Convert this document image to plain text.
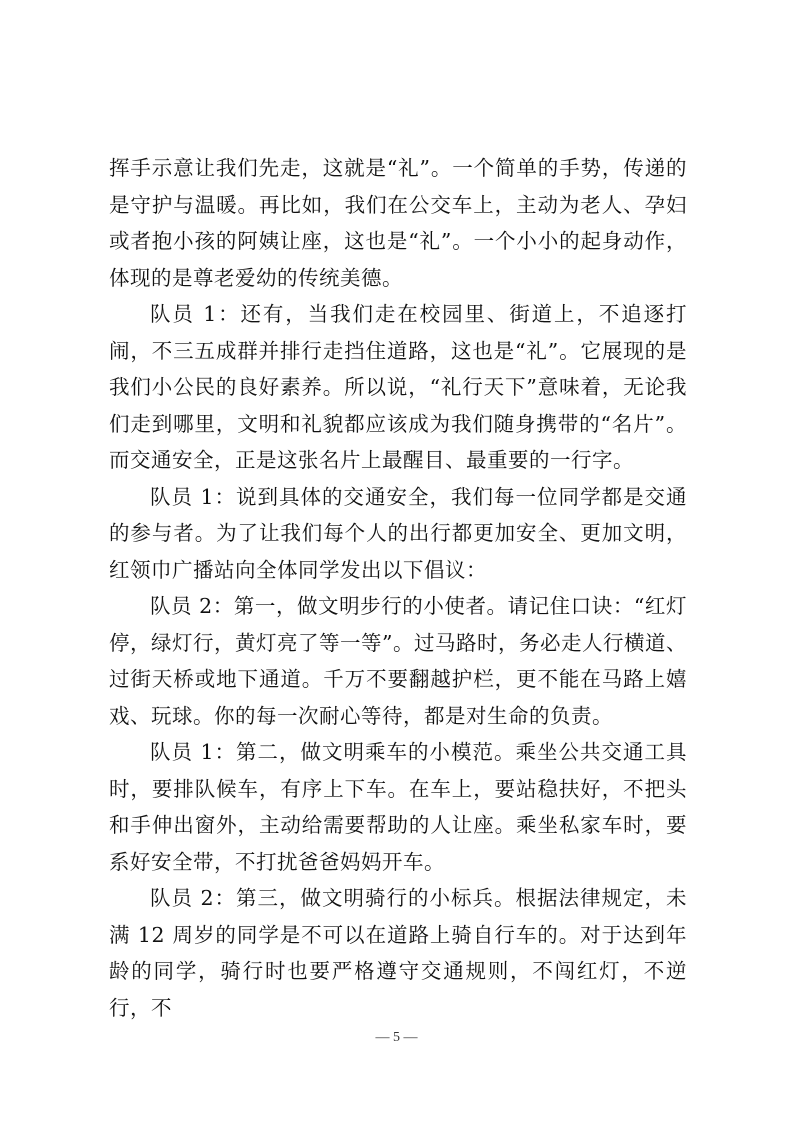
挥手示意让我们先走，这就是“礼”。一个简单的手势，传递的是守护与温暖。再比如，我们在公交车上，主动为老人、孕妇或者抱小孩的阿姨让座，这也是“礼”。一个小小的起身动作，体现的是尊老爱幼的传统美德。

队员 1：还有，当我们走在校园里、街道上，不追逐打闹，不三五成群并排行走挡住道路，这也是“礼”。它展现的是我们小公民的良好素养。所以说，“礼行天下”意味着，无论我们走到哪里，文明和礼貌都应该成为我们随身携带的“名片”。而交通安全，正是这张名片上最醒目、最重要的一行字。

队员 1：说到具体的交通安全，我们每一位同学都是交通的参与者。为了让我们每个人的出行都更加安全、更加文明，红领巾广播站向全体同学发出以下倡议：

队员 2：第一，做文明步行的小使者。请记住口诀：“红灯停，绿灯行，黄灯亮了等一等”。过马路时，务必走人行横道、过街天桥或地下通道。千万不要翻越护栏，更不能在马路上嬉戏、玩球。你的每一次耐心等待，都是对生命的负责。

队员 1：第二，做文明乘车的小模范。乘坐公共交通工具时，要排队候车，有序上下车。在车上，要站稳扶好，不把头和手伸出窗外，主动给需要帮助的人让座。乘坐私家车时，要系好安全带，不打扰爸爸妈妈开车。

队员 2：第三，做文明骑行的小标兵。根据法律规定，未满 12 周岁的同学是不可以在道路上骑自行车的。对于达到年龄的同学，骑行时也要严格遵守交通规则，不闯红灯，不逆行，不

— 5 —
